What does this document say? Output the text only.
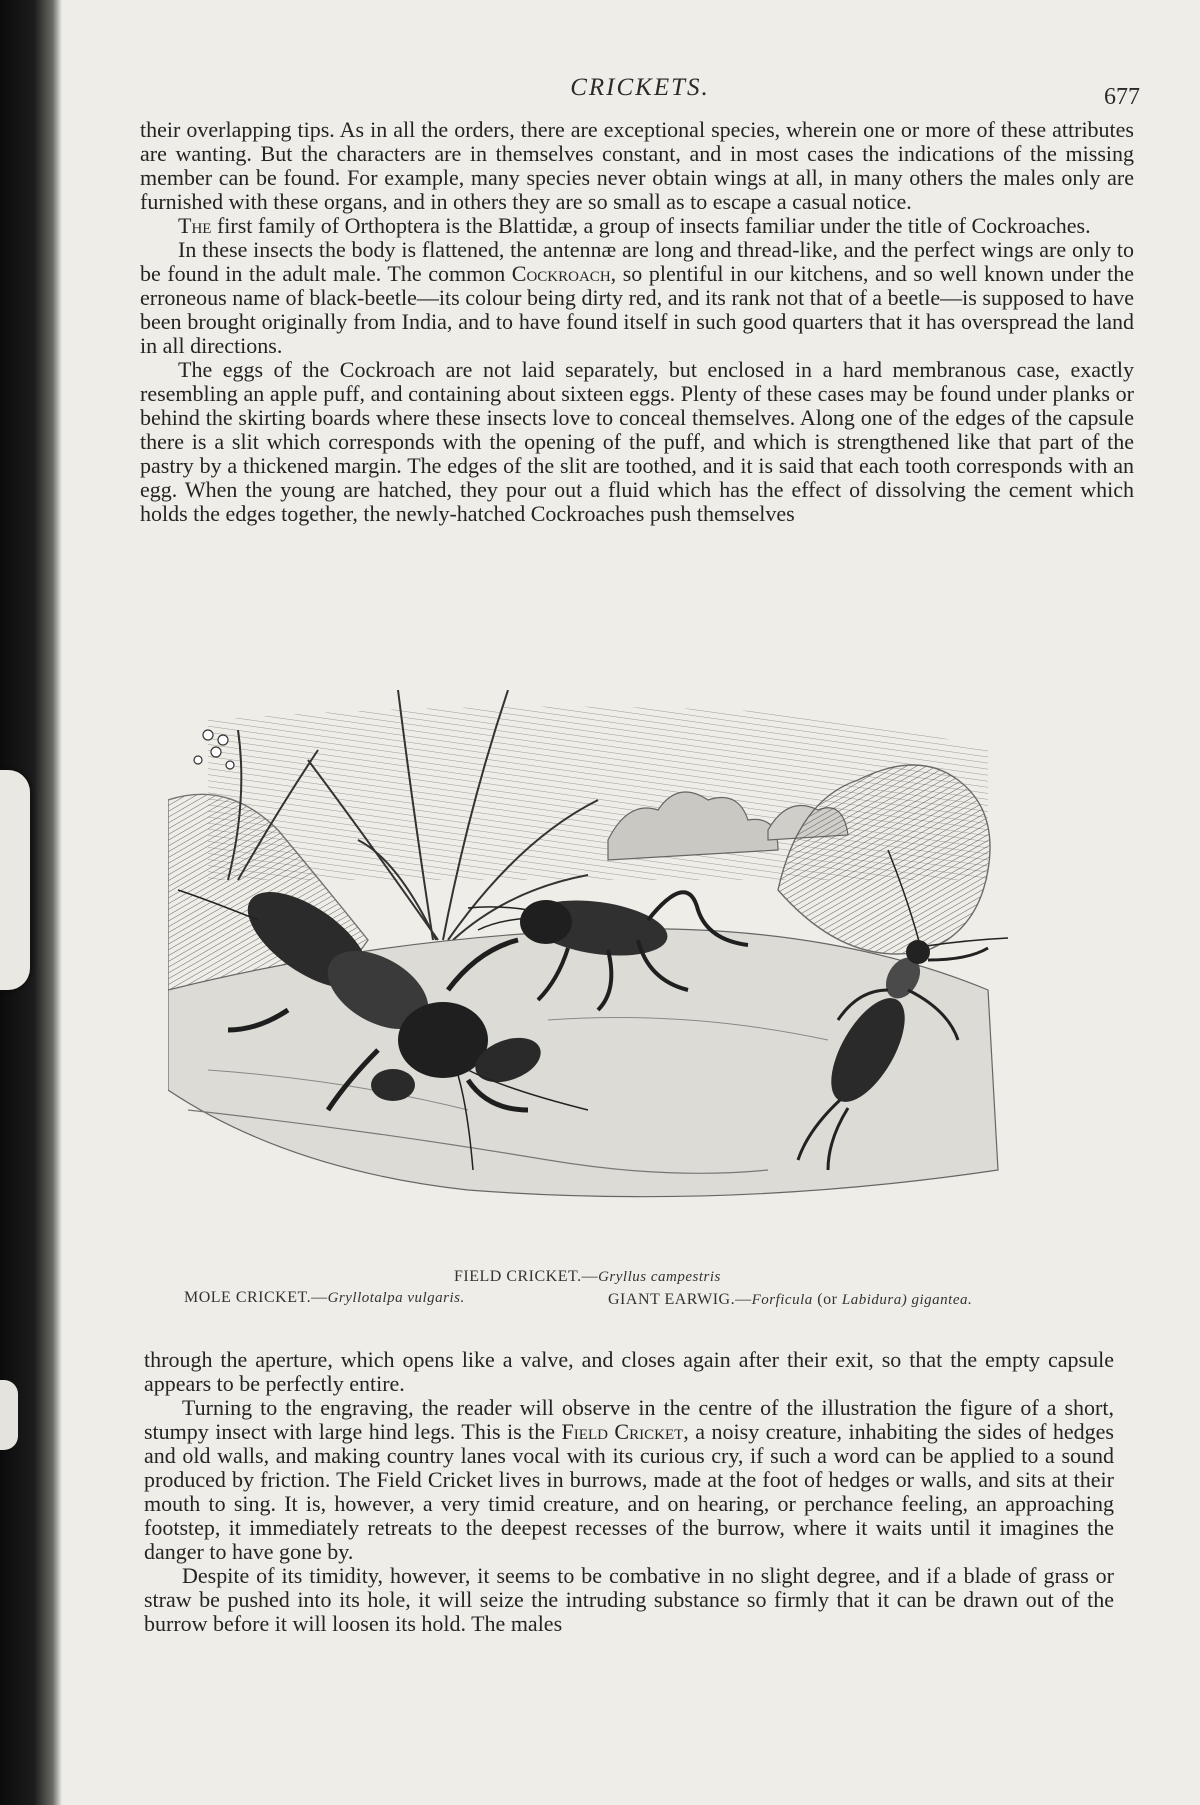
CRICKETS.	677

their overlapping tips. As in all the orders, there are exceptional species, wherein one or more of these attributes are wanting. But the characters are in themselves constant, and in most cases the indications of the missing member can be found. For example, many species never obtain wings at all, in many others the males only are furnished with these organs, and in others they are so small as to escape a casual notice.

The first family of Orthoptera is the Blattidæ, a group of insects familiar under the title of Cockroaches.

In these insects the body is flattened, the antennæ are long and thread-like, and the perfect wings are only to be found in the adult male. The common Cockroach, so plentiful in our kitchens, and so well known under the erroneous name of black-beetle—its colour being dirty red, and its rank not that of a beetle—is supposed to have been brought originally from India, and to have found itself in such good quarters that it has overspread the land in all directions.

The eggs of the Cockroach are not laid separately, but enclosed in a hard membranous case, exactly resembling an apple puff, and containing about sixteen eggs. Plenty of these cases may be found under planks or behind the skirting boards where these insects love to conceal themselves. Along one of the edges of the capsule there is a slit which corresponds with the opening of the puff, and which is strengthened like that part of the pastry by a thickened margin. The edges of the slit are toothed, and it is said that each tooth corresponds with an egg. When the young are hatched, they pour out a fluid which has the effect of dissolving the cement which holds the edges together, the newly-hatched Cockroaches push themselves

FIELD CRICKET.—Gryllus campestris
MOLE CRICKET.—Gryllotalpa vulgaris.	GIANT EARWIG.—Forficula (or Labidura) gigantea.

through the aperture, which opens like a valve, and closes again after their exit, so that the empty capsule appears to be perfectly entire.

Turning to the engraving, the reader will observe in the centre of the illustration the figure of a short, stumpy insect with large hind legs. This is the Field Cricket, a noisy creature, inhabiting the sides of hedges and old walls, and making country lanes vocal with its curious cry, if such a word can be applied to a sound produced by friction. The Field Cricket lives in burrows, made at the foot of hedges or walls, and sits at their mouth to sing. It is, however, a very timid creature, and on hearing, or perchance feeling, an approaching footstep, it immediately retreats to the deepest recesses of the burrow, where it waits until it imagines the danger to have gone by.

Despite of its timidity, however, it seems to be combative in no slight degree, and if a blade of grass or straw be pushed into its hole, it will seize the intruding substance so firmly that it can be drawn out of the burrow before it will loosen its hold. The males
